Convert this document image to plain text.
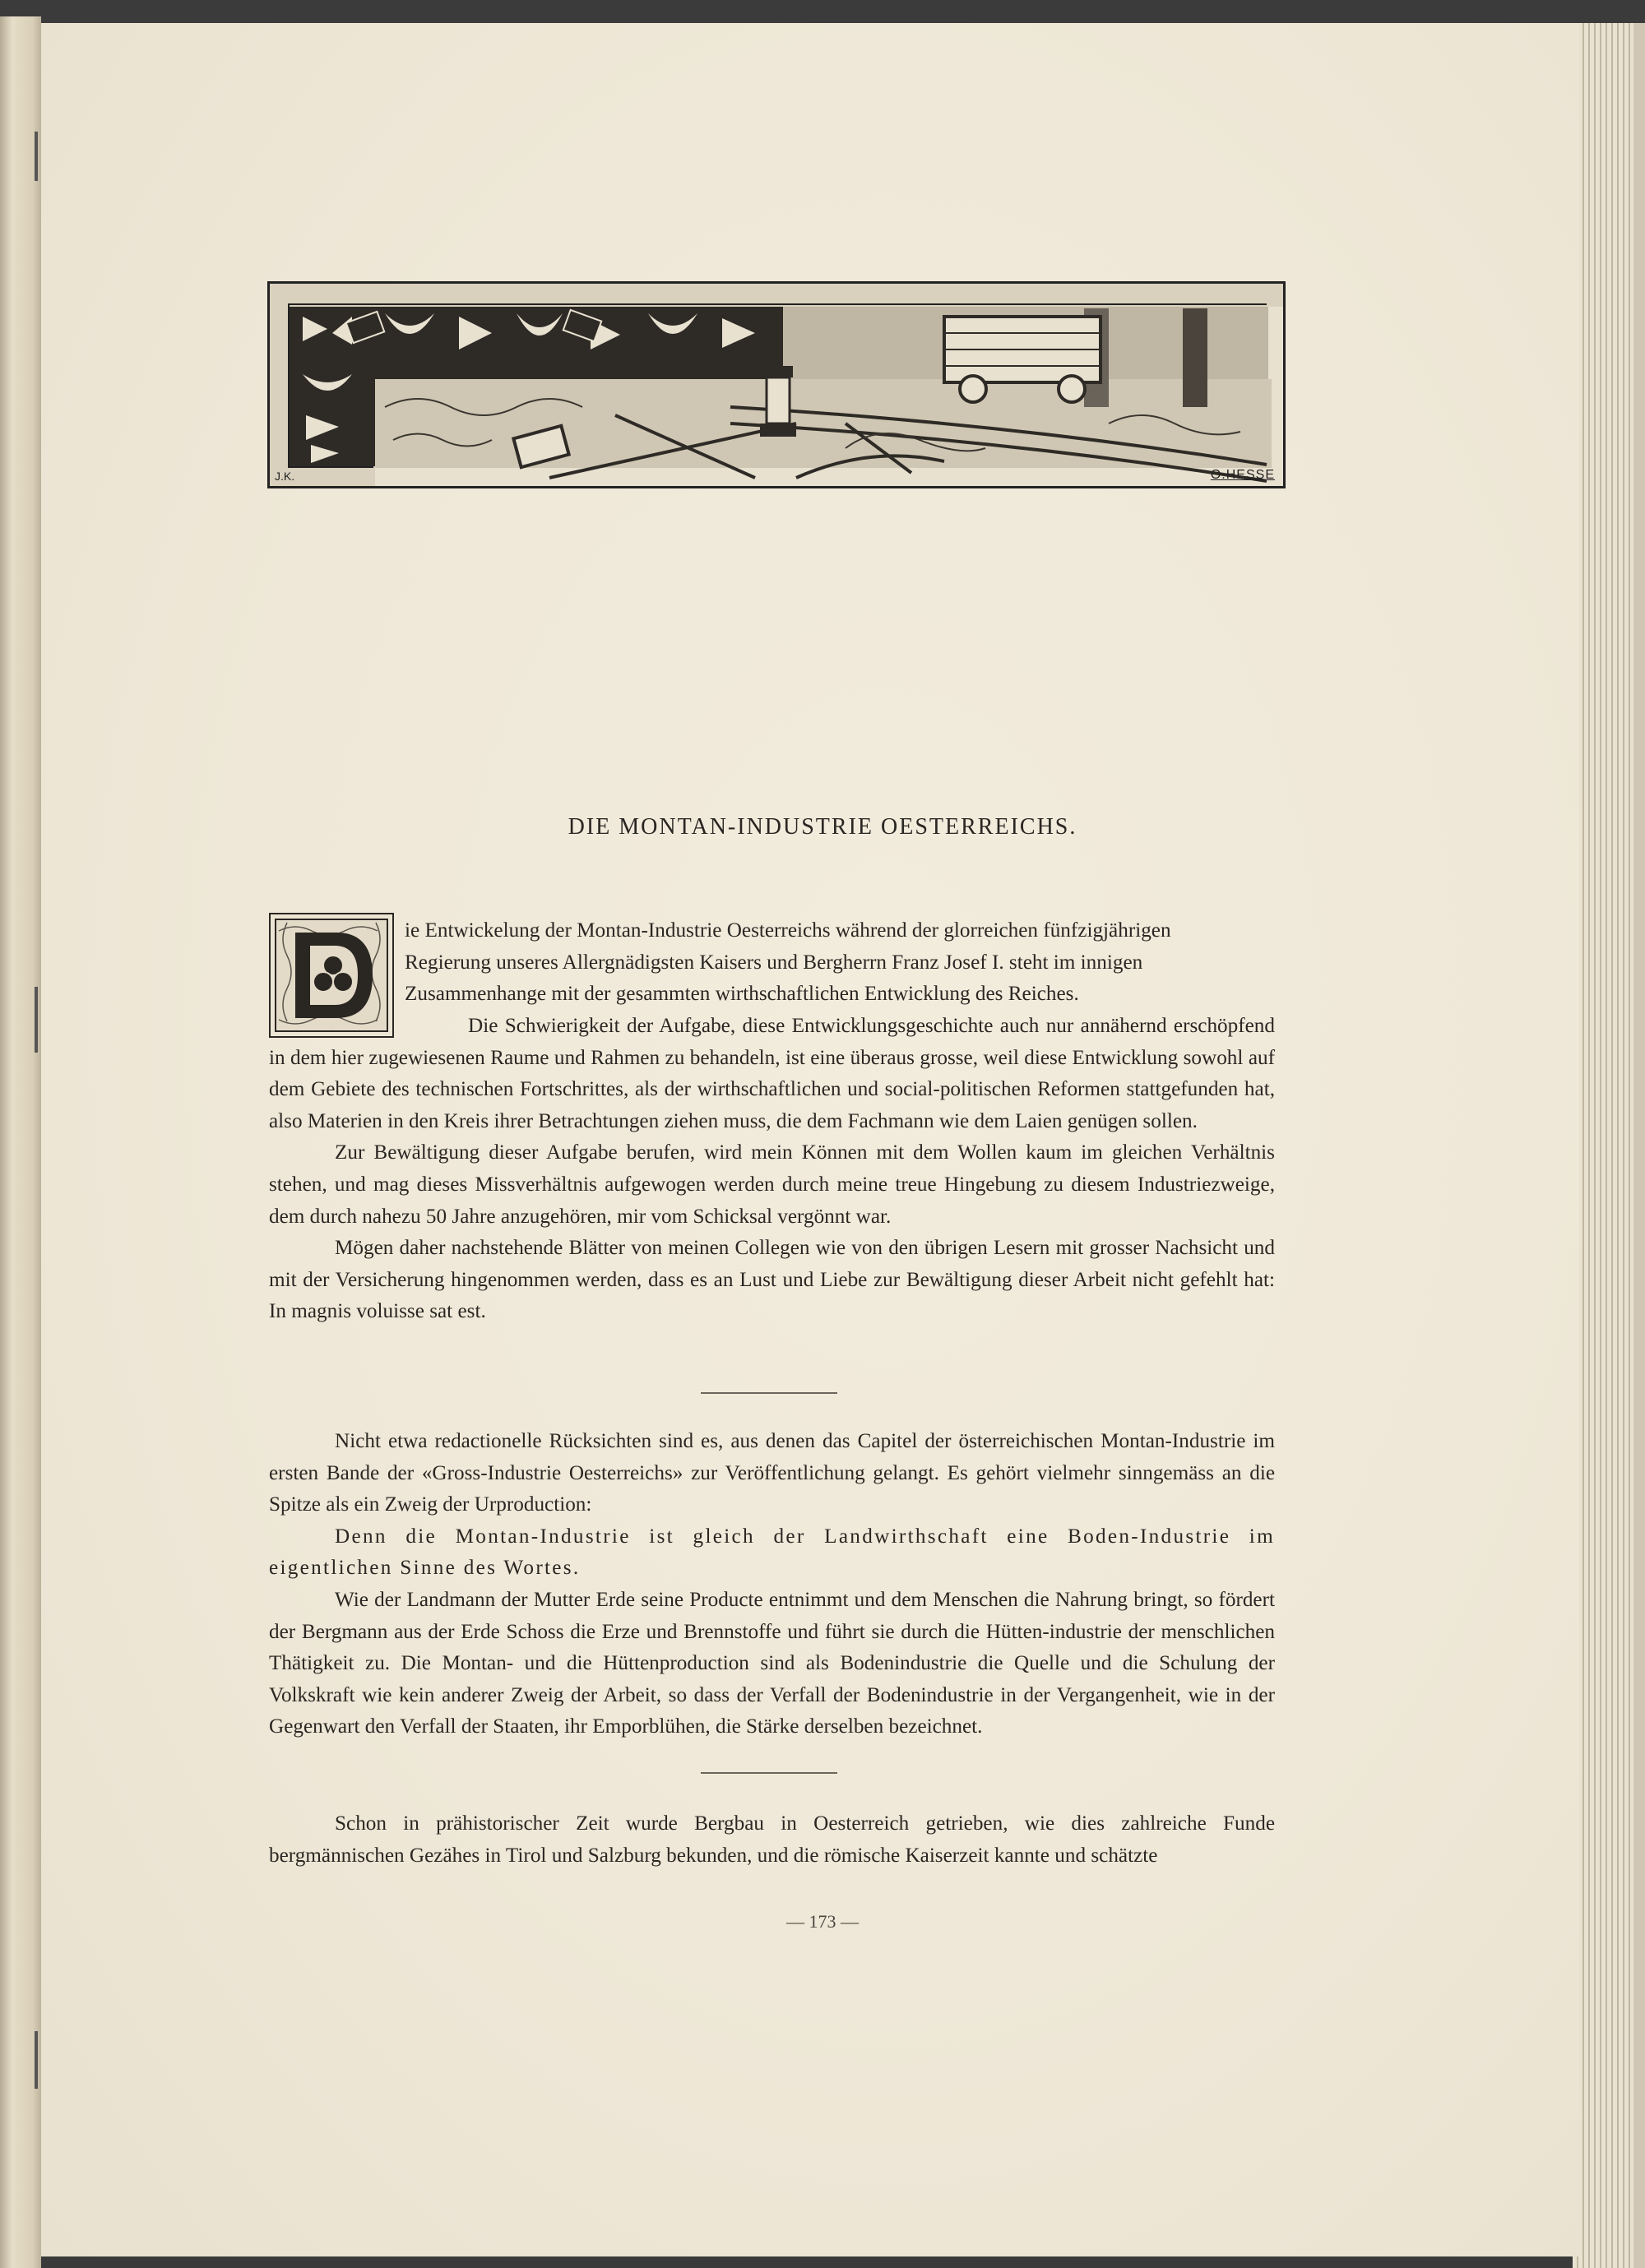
J.K.	O.HESSE
DIE MONTAN-INDUSTRIE OESTERREICHS.
D

ie Entwickelung der Montan-Industrie Oesterreichs während der glorreichen fünfzigjährigen

Regierung unseres Allergnädigsten Kaisers und Bergherrn Franz Josef I. steht im innigen

Zusammenhange mit der gesammten wirthschaftlichen Entwicklung des Reiches.

Die Schwierigkeit der Aufgabe, diese Entwicklungsgeschichte auch nur annähernd erschöpfend in dem hier zugewiesenen Raume und Rahmen zu behandeln, ist eine überaus grosse, weil diese Entwicklung sowohl auf dem Gebiete des technischen Fortschrittes, als der wirthschaftlichen und social-politischen Reformen stattgefunden hat, also Materien in den Kreis ihrer Betrachtungen ziehen muss, die dem Fachmann wie dem Laien genügen sollen.

Zur Bewältigung dieser Aufgabe berufen, wird mein Können mit dem Wollen kaum im gleichen Verhältnis stehen, und mag dieses Missverhältnis aufgewogen werden durch meine treue Hingebung zu diesem Industriezweige, dem durch nahezu 50 Jahre anzugehören, mir vom Schicksal vergönnt war.

Mögen daher nachstehende Blätter von meinen Collegen wie von den übrigen Lesern mit grosser Nachsicht und mit der Versicherung hingenommen werden, dass es an Lust und Liebe zur Bewältigung dieser Arbeit nicht gefehlt hat: In magnis voluisse sat est.

Nicht etwa redactionelle Rücksichten sind es, aus denen das Capitel der österreichischen Montan-Industrie im ersten Bande der «Gross-Industrie Oesterreichs» zur Veröffentlichung gelangt. Es gehört vielmehr sinngemäss an die Spitze als ein Zweig der Urproduction:

Denn die Montan-Industrie ist gleich der Landwirthschaft eine Boden-Industrie im eigentlichen Sinne des Wortes.

Wie der Landmann der Mutter Erde seine Producte entnimmt und dem Menschen die Nahrung bringt, so fördert der Bergmann aus der Erde Schoss die Erze und Brennstoffe und führt sie durch die Hütten-industrie der menschlichen Thätigkeit zu. Die Montan- und die Hüttenproduction sind als Bodenindustrie die Quelle und die Schulung der Volkskraft wie kein anderer Zweig der Arbeit, so dass der Verfall der Bodenindustrie in der Vergangenheit, wie in der Gegenwart den Verfall der Staaten, ihr Emporblühen, die Stärke derselben bezeichnet.

Schon in prähistorischer Zeit wurde Bergbau in Oesterreich getrieben, wie dies zahlreiche Funde bergmännischen Gezähes in Tirol und Salzburg bekunden, und die römische Kaiserzeit kannte und schätzte

— 173 —
